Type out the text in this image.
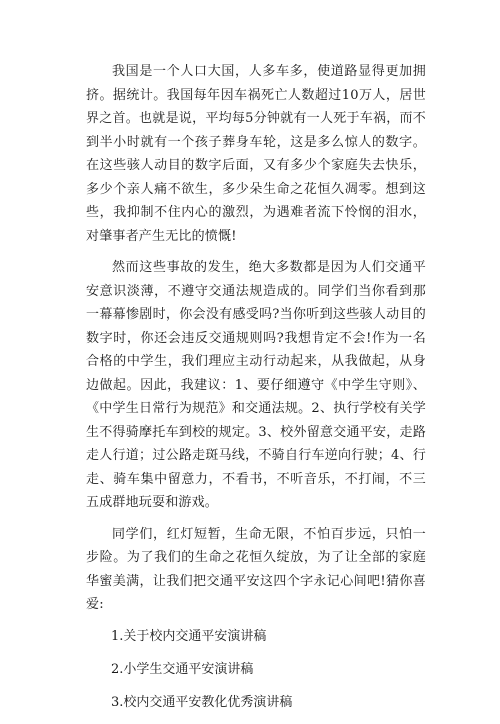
我国是一个人口大国，人多车多，使道路显得更加拥挤。据统计。我国每年因车祸死亡人数超过10万人，居世界之首。也就是说，平均每5分钟就有一人死于车祸，而不到半小时就有一个孩子葬身车轮，这是多么惊人的数字。在这些骇人动目的数字后面，又有多少个家庭失去快乐，多少个亲人痛不欲生，多少朵生命之花恒久凋零。想到这些，我抑制不住内心的激烈，为遇难者流下怜悯的泪水，对肇事者产生无比的愤慨!

然而这些事故的发生，绝大多数都是因为人们交通平安意识淡薄，不遵守交通法规造成的。同学们当你看到那一幕幕惨剧时，你会没有感受吗?当你听到这些骇人动目的数字时，你还会违反交通规则吗?我想肯定不会!作为一名合格的中学生，我们理应主动行动起来，从我做起，从身边做起。因此，我建议：1、要仔细遵守《中学生守则》、《中学生日常行为规范》和交通法规。2、执行学校有关学生不得骑摩托车到校的规定。3、校外留意交通平安，走路走人行道；过公路走斑马线，不骑自行车逆向行驶；4、行走、骑车集中留意力，不看书，不听音乐，不打闹，不三五成群地玩耍和游戏。

同学们，红灯短暂，生命无限，不怕百步远，只怕一步险。为了我们的生命之花恒久绽放，为了让全部的家庭华蜜美满，让我们把交通平安这四个字永记心间吧!猜你喜爱:

1.关于校内交通平安演讲稿
2.小学生交通平安演讲稿
3.校内交通平安教化优秀演讲稿
